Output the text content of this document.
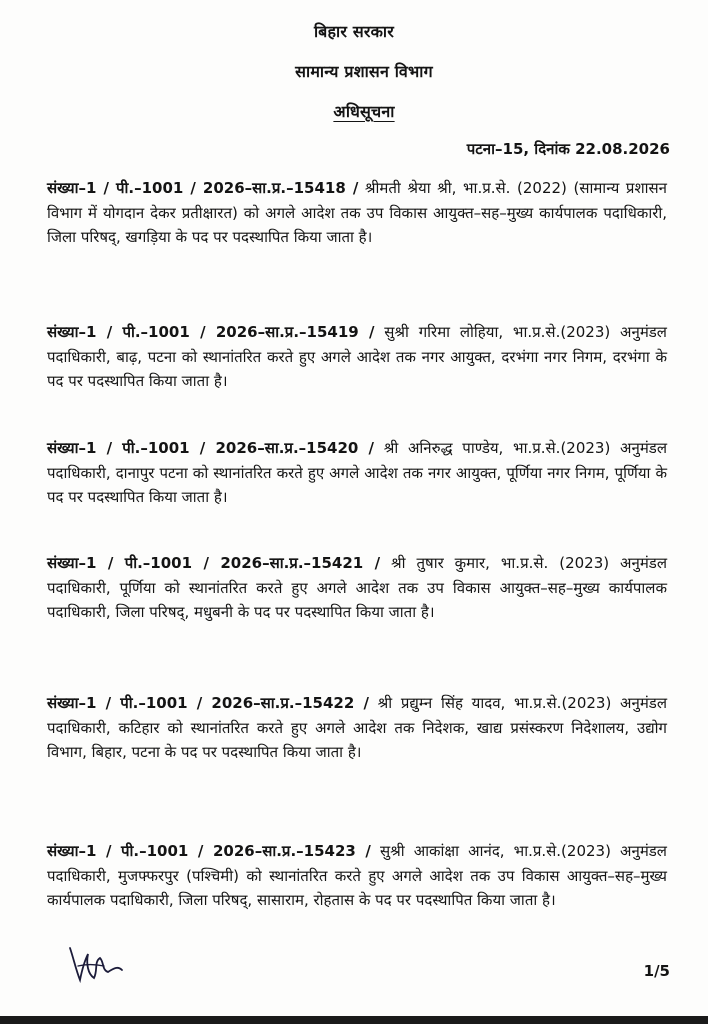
बिहार सरकार
सामान्य प्रशासन विभाग
अधिसूचना
पटना–15, दिनांक 22.08.2026
संख्या–1 / पी.–1001 / 2026–सा.प्र.–15418 / श्रीमती श्रेया श्री, भा.प्र.से. (2022) (सामान्य प्रशासन विभाग में योगदान देकर प्रतीक्षारत) को अगले आदेश तक उप विकास आयुक्त–सह–मुख्य कार्यपालक पदाधिकारी, जिला परिषद्, खगड़िया के पद पर पदस्थापित किया जाता है।
संख्या–1 / पी.–1001 / 2026–सा.प्र.–15419 / सुश्री गरिमा लोहिया, भा.प्र.से.(2023) अनुमंडल पदाधिकारी, बाढ़, पटना को स्थानांतरित करते हुए अगले आदेश तक नगर आयुक्त, दरभंगा नगर निगम, दरभंगा के पद पर पदस्थापित किया जाता है।
संख्या–1 / पी.–1001 / 2026–सा.प्र.–15420 / श्री अनिरुद्ध पाण्डेय, भा.प्र.से.(2023) अनुमंडल पदाधिकारी, दानापुर पटना को स्थानांतरित करते हुए अगले आदेश तक नगर आयुक्त, पूर्णिया नगर निगम, पूर्णिया के पद पर पदस्थापित किया जाता है।
संख्या–1 / पी.–1001 / 2026–सा.प्र.–15421 / श्री तुषार कुमार, भा.प्र.से. (2023) अनुमंडल पदाधिकारी, पूर्णिया को स्थानांतरित करते हुए अगले आदेश तक उप विकास आयुक्त–सह–मुख्य कार्यपालक पदाधिकारी, जिला परिषद्, मधुबनी के पद पर पदस्थापित किया जाता है।
संख्या–1 / पी.–1001 / 2026–सा.प्र.–15422 / श्री प्रद्युम्न सिंह यादव, भा.प्र.से.(2023) अनुमंडल पदाधिकारी, कटिहार को स्थानांतरित करते हुए अगले आदेश तक निदेशक, खाद्य प्रसंस्करण निदेशालय, उद्योग विभाग, बिहार, पटना के पद पर पदस्थापित किया जाता है।
संख्या–1 / पी.–1001 / 2026–सा.प्र.–15423 / सुश्री आकांक्षा आनंद, भा.प्र.से.(2023) अनुमंडल पदाधिकारी, मुजफ्फरपुर (पश्चिमी) को स्थानांतरित करते हुए अगले आदेश तक उप विकास आयुक्त–सह–मुख्य कार्यपालक पदाधिकारी, जिला परिषद्, सासाराम, रोहतास के पद पर पदस्थापित किया जाता है।
1/5
